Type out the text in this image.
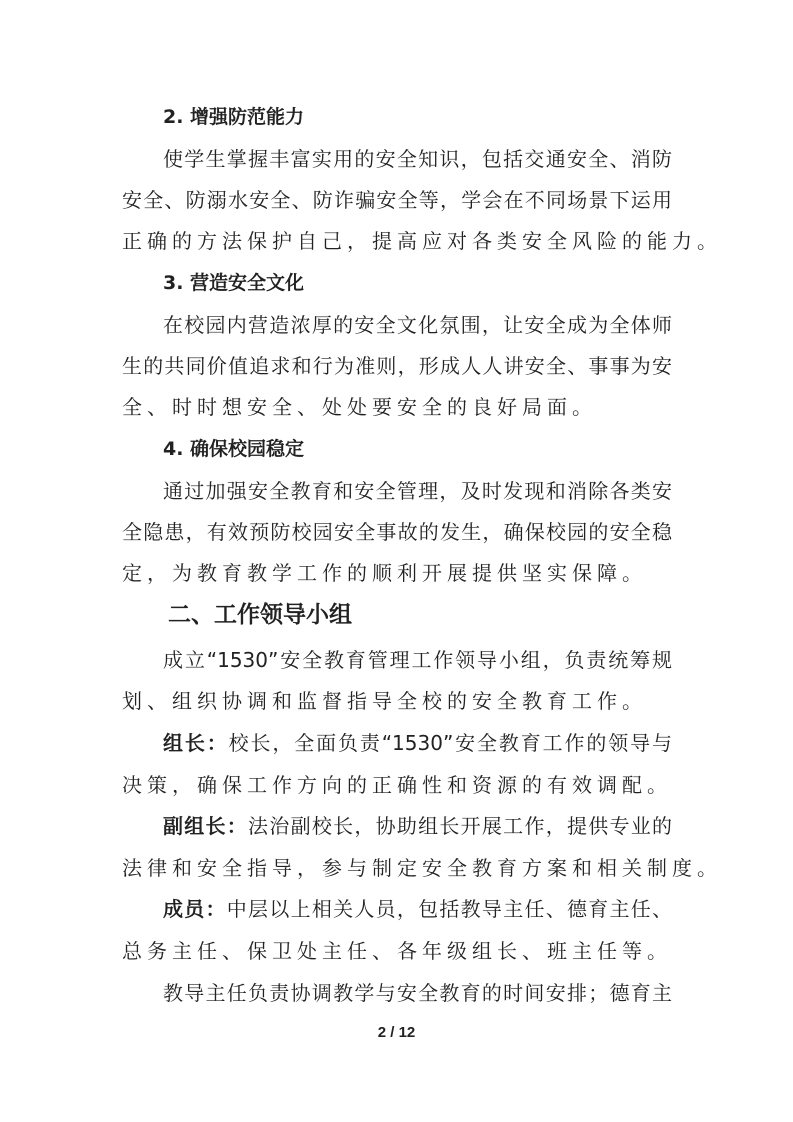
2. 增强防范能力
使学生掌握丰富实用的安全知识，包括交通安全、消防
安全、防溺水安全、防诈骗安全等，学会在不同场景下运用
正确的方法保护自己，提高应对各类安全风险的能力。
3. 营造安全文化
在校园内营造浓厚的安全文化氛围，让安全成为全体师
生的共同价值追求和行为准则，形成人人讲安全、事事为安
全、时时想安全、处处要安全的良好局面。
4. 确保校园稳定
通过加强安全教育和安全管理，及时发现和消除各类安
全隐患，有效预防校园安全事故的发生，确保校园的安全稳
定，为教育教学工作的顺利开展提供坚实保障。
二、工作领导小组
成立“1530”安全教育管理工作领导小组，负责统筹规
划、组织协调和监督指导全校的安全教育工作。
组长：校长，全面负责“1530”安全教育工作的领导与
决策，确保工作方向的正确性和资源的有效调配。
副组长：法治副校长，协助组长开展工作，提供专业的
法律和安全指导，参与制定安全教育方案和相关制度。
成员：中层以上相关人员，包括教导主任、德育主任、
总务主任、保卫处主任、各年级组长、班主任等。
教导主任负责协调教学与安全教育的时间安排；德育主
2 / 12
